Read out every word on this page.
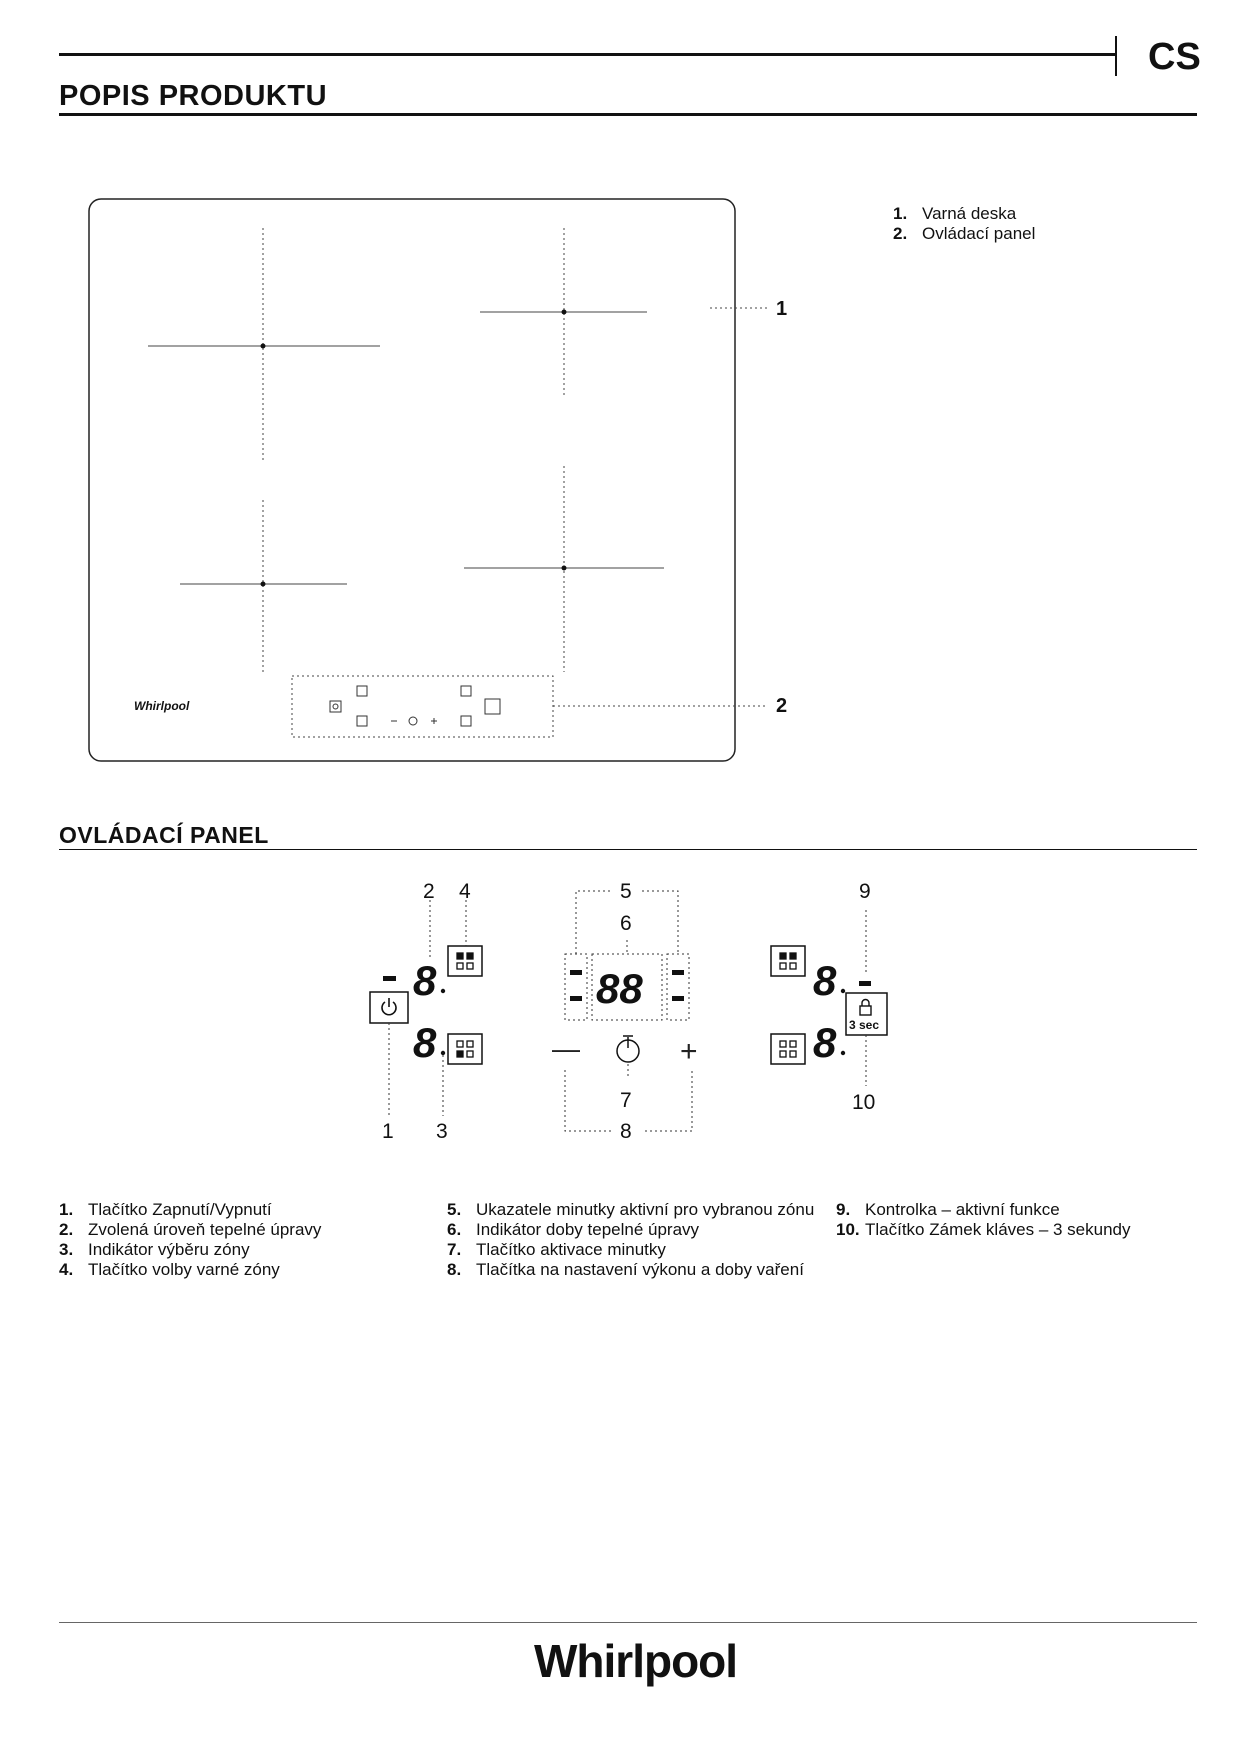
CS
POPIS PRODUKTU
Whirlpool
1
2
1. Varná deska
2. Ovládací panel
OVLÁDACÍ PANEL
8
8
88
—	+
8
8 3 sec
2 4
1 3
5
6
7
8
9
10
1. Tlačítko Zapnutí/Vypnutí
2. Zvolená úroveň tepelné úpravy
3. Indikátor výběru zóny
4. Tlačítko volby varné zóny
5. Ukazatele minutky aktivní pro vybranou zónu
6. Indikátor doby tepelné úpravy
7. Tlačítko aktivace minutky
8. Tlačítka na nastavení výkonu a doby vaření
9. Kontrolka – aktivní funkce
10. Tlačítko Zámek kláves – 3 sekundy
Whirlpool
